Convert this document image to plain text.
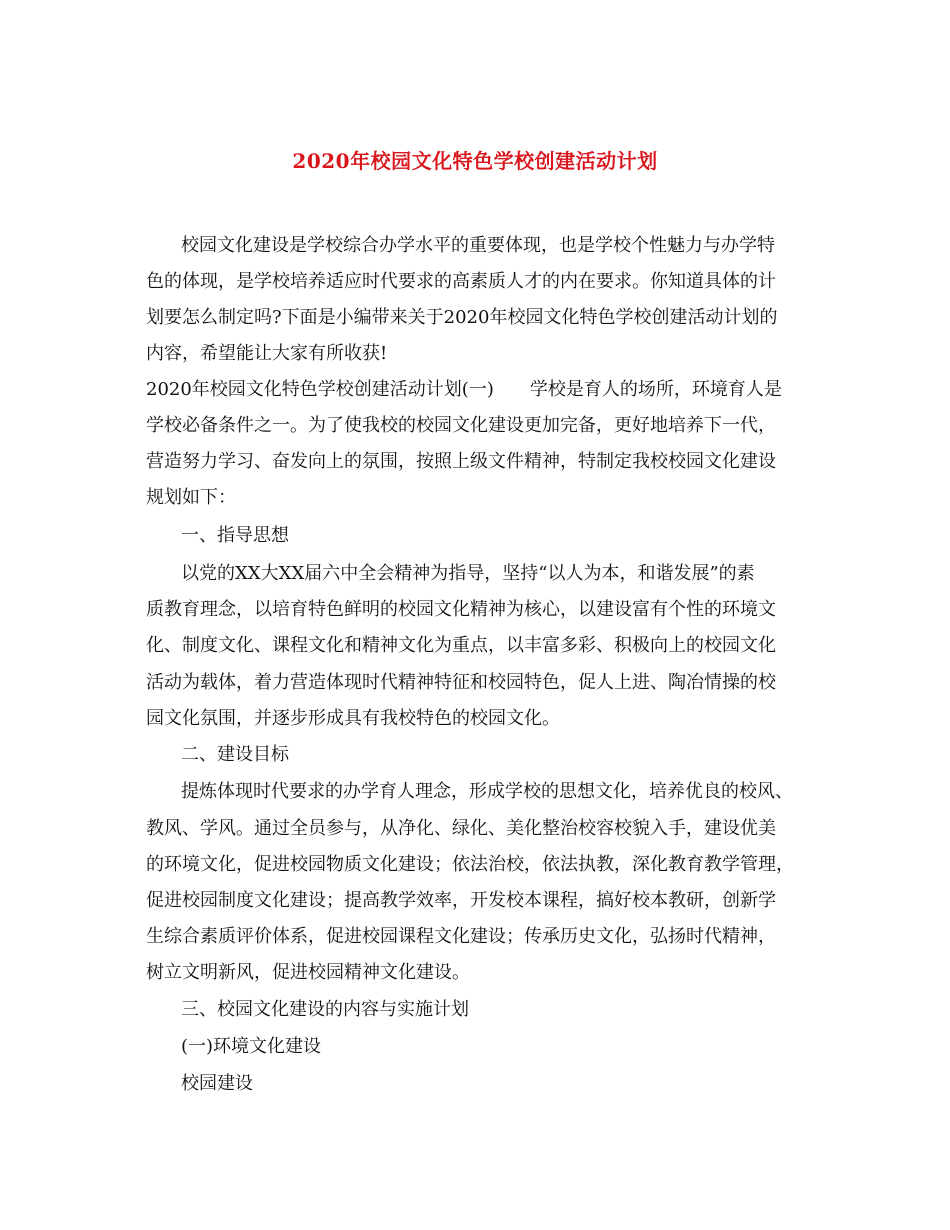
2020年校园文化特色学校创建活动计划

校园文化建设是学校综合办学水平的重要体现，也是学校个性魅力与办学特

色的体现，是学校培养适应时代要求的高素质人才的内在要求。你知道具体的计

划要怎么制定吗?下面是小编带来关于2020年校园文化特色学校创建活动计划的

内容，希望能让大家有所收获!

2020年校园文化特色学校创建活动计划(一)　　学校是育人的场所，环境育人是

学校必备条件之一。为了使我校的校园文化建设更加完备，更好地培养下一代，

营造努力学习、奋发向上的氛围，按照上级文件精神，特制定我校校园文化建设

规划如下：

一、指导思想

以党的XX大XX届六中全会精神为指导，坚持“以人为本，和谐发展”的素

质教育理念，以培育特色鲜明的校园文化精神为核心，以建设富有个性的环境文

化、制度文化、课程文化和精神文化为重点，以丰富多彩、积极向上的校园文化

活动为载体，着力营造体现时代精神特征和校园特色，促人上进、陶冶情操的校

园文化氛围，并逐步形成具有我校特色的校园文化。

二、建设目标

提炼体现时代要求的办学育人理念，形成学校的思想文化，培养优良的校风、

教风、学风。通过全员参与，从净化、绿化、美化整治校容校貌入手，建设优美

的环境文化，促进校园物质文化建设；依法治校，依法执教，深化教育教学管理，

促进校园制度文化建设；提高教学效率，开发校本课程，搞好校本教研，创新学

生综合素质评价体系，促进校园课程文化建设；传承历史文化，弘扬时代精神，

树立文明新风，促进校园精神文化建设。

三、校园文化建设的内容与实施计划

(一)环境文化建设

校园建设
